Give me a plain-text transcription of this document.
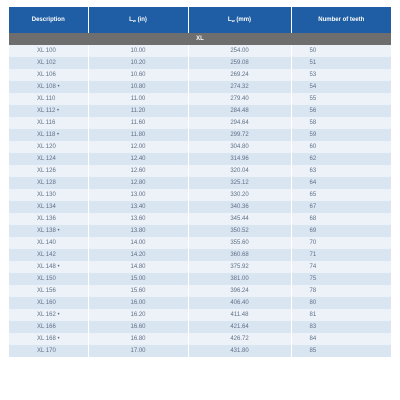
Description	$L_w$ (in)	$L_w$ (mm)	Number of teeth
XL			
XL 100	10.00	254.00	50
XL 102	10.20	259.08	51
XL 106	10.60	269.24	53
XL 108 •	10.80	274.32	54
XL 110	11.00	279.40	55
XL 112 •	11.20	284.48	56
XL 116	11.60	294.64	58
XL 118 •	11.80	299.72	59
XL 120	12.00	304.80	60
XL 124	12.40	314.96	62
XL 126	12.60	320.04	63
XL 128	12.80	325.12	64
XL 130	13.00	330.20	65
XL 134	13.40	340.36	67
XL 136	13.60	345.44	68
XL 138 •	13.80	350.52	69
XL 140	14.00	355.60	70
XL 142	14.20	360.68	71
XL 148 •	14.80	375.92	74
XL 150	15.00	381.00	75
XL 156	15.60	396.24	78
XL 160	16.00	406.40	80
XL 162 •	16.20	411.48	81
XL 166	16.60	421.64	83
XL 168 •	16.80	426.72	84
XL 170	17.00	431.80	85
